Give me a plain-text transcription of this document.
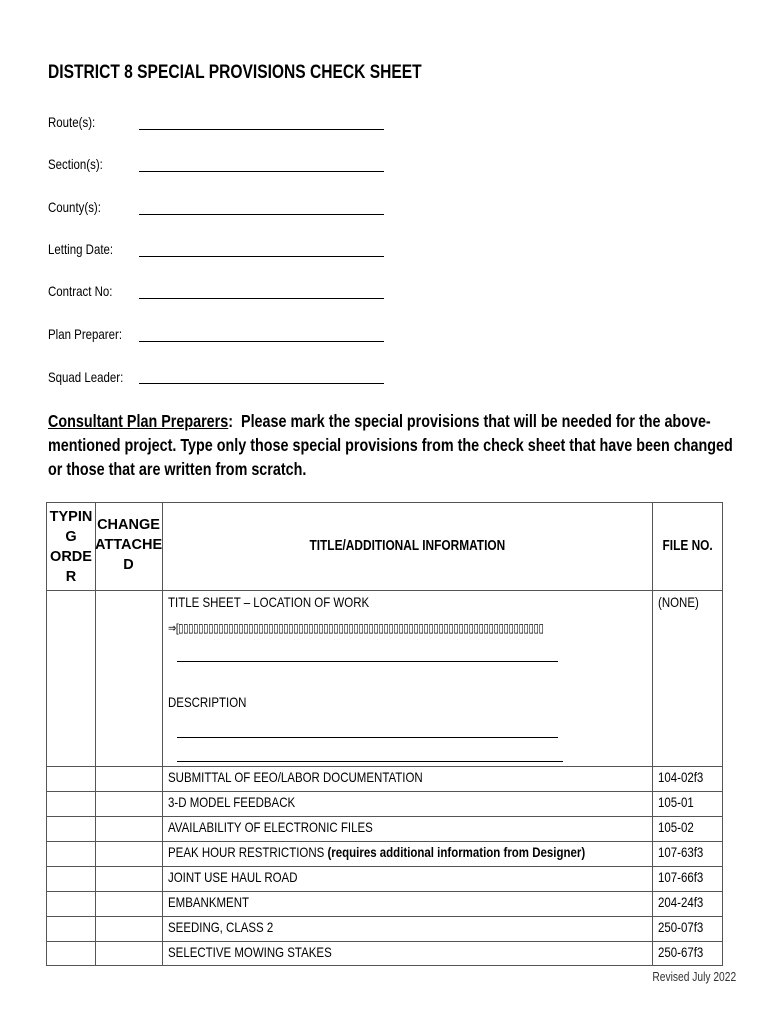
DISTRICT 8 SPECIAL PROVISIONS CHECK SHEET
Route(s):
Section(s):
County(s):
Letting Date:
Contract No:
Plan Preparer:
Squad Leader:
Consultant Plan Preparers: Please mark the special provisions that will be needed for the above-
mentioned project. Type only those special provisions from the check sheet that have been changed
or those that are written from scratch.
TYPIN
G
ORDE
R
CHANGE
ATTACHE
D
TITLE/ADDITIONAL INFORMATION	FILE NO.
TITLE SHEET – LOCATION OF WORK	(NONE)
⇒[▯▯▯▯▯▯▯▯▯▯▯▯▯▯▯▯▯▯▯▯▯▯▯▯▯▯▯▯▯▯▯▯▯▯▯▯▯▯▯▯▯▯▯▯▯▯▯▯▯▯▯▯▯▯▯▯▯▯▯▯▯▯▯▯▯▯▯▯▯▯▯▯▯
DESCRIPTION
SUBMITTAL OF EEO/LABOR DOCUMENTATION	104-02f3
3-D MODEL FEEDBACK	105-01
AVAILABILITY OF ELECTRONIC FILES	105-02
PEAK HOUR RESTRICTIONS (requires additional information from Designer)	107-63f3
JOINT USE HAUL ROAD	107-66f3
EMBANKMENT	204-24f3
SEEDING, CLASS 2	250-07f3
SELECTIVE MOWING STAKES	250-67f3
Revised July 2022
